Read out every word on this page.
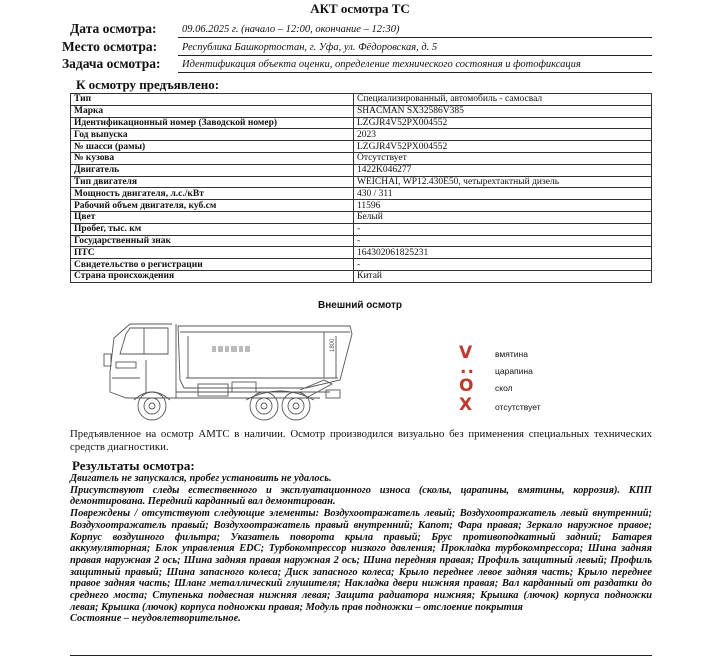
АКТ осмотра ТС
Дата осмотра: 09.06.2025 г. (начало – 12:00, окончание – 12:30)
Место осмотра: Республика Башкортостан, г. Уфа, ул. Фёдоровская, д. 5
Задача осмотра: Идентификация объекта оценки, определение технического состояния и фотофиксация
К осмотру предъявлено:
Тип	Специализированный, автомобиль - самосвал
Марка	SHACMAN SX32586V385
Идентификационный номер (Заводской номер)	LZGJR4V52PX004552
Год выпуска	2023
№ шасси (рамы)	LZGJR4V52PX004552
№ кузова	Отсутствует
Двигатель	1422K046277
Тип двигателя	WEICHAI, WP12.430E50, четырехтактный дизель
Мощность двигателя, л.с./кВт	430 / 311
Рабочий объем двигателя, куб.см	11596
Цвет	Белый
Пробег, тыс. км	-
Государственный знак	-
ПТС	164302061825231
Свидетельство о регистрации	-
Страна происхождения	Китай
Внешний осмотр
1800	V	вмятина
.. царапина
O	скол
X	отсутствует
Предъявленное на осмотр АМТС в наличии. Осмотр производился визуально без применения специальных технических средств диагностики.
Результаты осмотра:

Двигатель не запускался, пробег установить не удалось.

Присутствуют следы естественного и эксплуатационного износа (сколы, царапины, вмятины, коррозия). КПП демонтирована. Передний карданный вал демонтирован.

Повреждены / отсутствуют следующие элементы: Воздухоотражатель левый; Воздухоотражатель левый внутренний; Воздухоотражатель правый; Воздухоотражатель правый внутренний; Капот; Фара правая; Зеркало наружное правое; Корпус воздушного фильтра; Указатель поворота крыла правый; Брус противоподкатный задний; Батарея аккумуляторная; Блок управления EDC; Турбокомпрессор низкого давления; Прокладка турбокомпрессора; Шина задняя правая наружная 2 ось; Шина задняя правая наружная 2 ось; Шина передняя правая; Профиль защитный левый; Профиль защитный правый; Шина запасного колеса; Диск запасного колеса; Крыло переднее левое задняя часть; Крыло переднее правое задняя часть; Шланг металлический глушителя; Накладка двери нижняя правая; Вал карданный от раздатки до среднего моста; Ступенька подвесная нижняя левая; Защита радиатора нижняя; Крышка (лючок) корпуса подножки левая; Крышка (лючок) корпуса подножки правая; Модуль прав подножки – отслоение покрытия

Состояние – неудовлетворительное.
